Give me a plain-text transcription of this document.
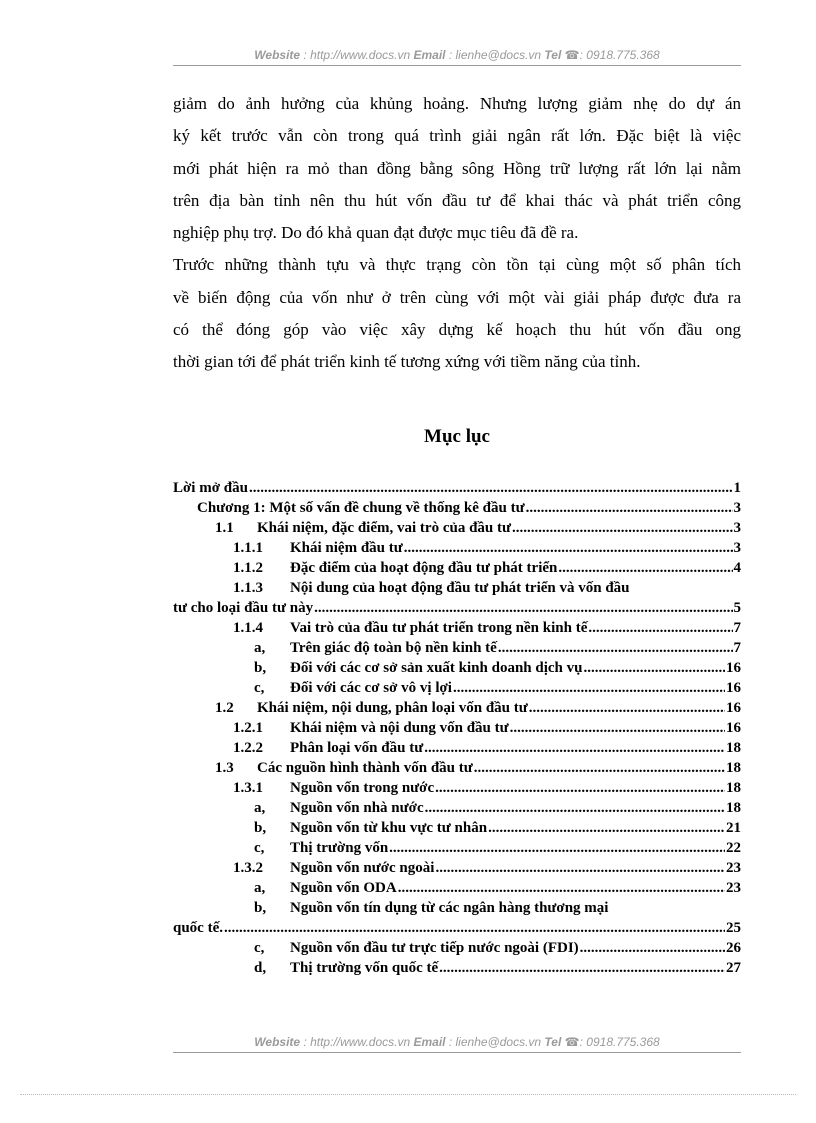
Website : http://www.docs.vn Email : lienhe@docs.vn Tel ☎: 0918.775.368
giảm do ảnh hưởng của khủng hoảng. Nhưng lượng giảm nhẹ do dự án
ký kết trước vẫn còn trong quá trình giải ngân rất lớn. Đặc biệt là việc
mới phát hiện ra mỏ than đồng bằng sông Hồng trữ lượng rất lớn lại nằm
trên địa bàn tỉnh nên thu hút vốn đầu tư để khai thác và phát triển công
nghiệp phụ trợ. Do đó khả quan đạt được mục tiêu đã đề ra.
Trước những thành tựu và thực trạng còn tồn tại cùng một số phân tích
về biến động của vốn như ở trên cùng với một vài giải pháp được đưa ra
có thể đóng góp vào việc xây dựng kế hoạch thu hút vốn đầu ong
thời gian tới để phát triển kinh tế tương xứng với tiềm năng của tỉnh.
Mục lục
Lời mở đầu .....	1
Chương 1: Một số vấn đề chung về thống kê đầu tư .....	3
1.1	Khái niệm, đặc điểm, vai trò của đầu tư .....	3
1.1.1	Khái niệm đầu tư .....	3
1.1.2	Đặc điểm của hoạt động đầu tư phát triển .....	4
1.1.3	Nội dung của hoạt động đầu tư phát triển và vốn đầu
tư cho loại đầu tư này .....	5
1.1.4	Vai trò của đầu tư phát triển trong nền kinh tế .....	7
a,	Trên giác độ toàn bộ nền kinh tế .....	7
b,	Đối với các cơ sở sản xuất kinh doanh dịch vụ .....	16
c,	Đối với các cơ sở vô vị lợi .....	16
1.2	Khái niệm, nội dung, phân loại vốn đầu tư .....	16
1.2.1	Khái niệm và nội dung vốn đầu tư .....	16
1.2.2	Phân loại vốn đầu tư .....	18
1.3	Các nguồn hình thành vốn đầu tư .....	18
1.3.1	Nguồn vốn trong nước .....	18
a,	Nguồn vốn nhà nước .....	18
b,	Nguồn vốn từ khu vực tư nhân .....	21
c,	Thị trường vốn .....	22
1.3.2	Nguồn vốn nước ngoài .....	23
a,	Nguồn vốn ODA .....	23
b,	Nguồn vốn tín dụng từ các ngân hàng thương mại
quốc tế. .....	25
c,	Nguồn vốn đầu tư trực tiếp nước ngoài (FDI) .....	26
d,	Thị trường vốn quốc tế .....	27
Website : http://www.docs.vn Email : lienhe@docs.vn Tel ☎: 0918.775.368
